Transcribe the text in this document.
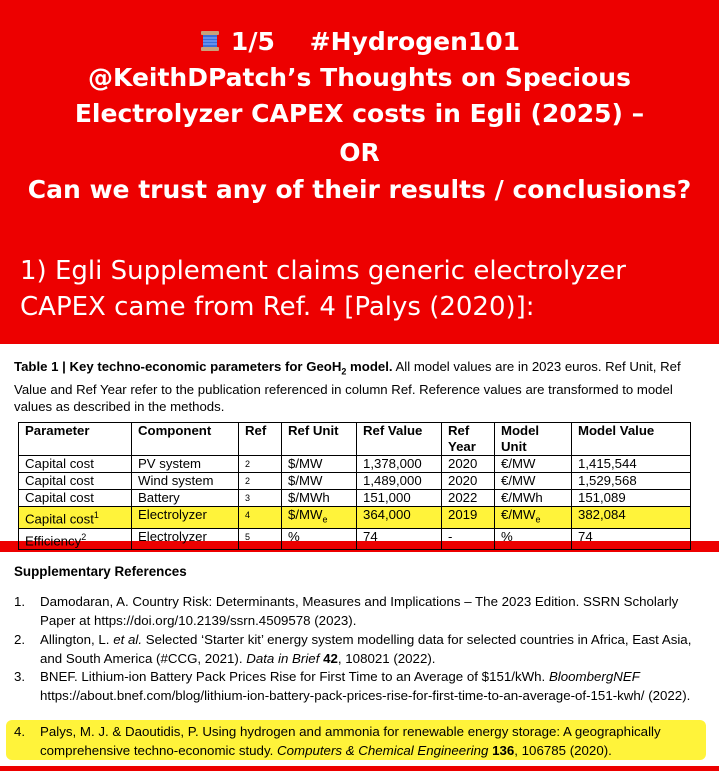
1/5    #Hydrogen101
@KeithDPatch’s Thoughts on Specious
Electrolyzer CAPEX costs in Egli (2025) –
OR
Can we trust any of their results / conclusions?
1) Egli Supplement claims generic electrolyzer
CAPEX came from Ref. 4 [Palys (2020)]:
Table 1 | Key techno-economic parameters for GeoH$_2$ model. All model values are in 2023 euros. Ref Unit, Ref Value and Ref Year refer to the publication referenced in column Ref. Reference values are transformed to model values as described in the methods.
Parameter	Component	Ref	Ref Unit	Ref Value	Ref Year	Model Unit	Model Value
Capital cost	PV system	2	$/MW	1,378,000	2020	€/MW	1,415,544
Capital cost	Wind system	2	$/MW	1,489,000	2020	€/MW	1,529,568
Capital cost	Battery	3	$/MWh	151,000	2022	€/MWh	151,089
Capital cost$^1$	Electrolyzer	4	$\$/MW_e$	364,000	2019	$€/MW_e$	382,084
Efficiency$^2$	Electrolyzer	5	%	74	-	%	74
Supplementary References
1. Damodaran, A. Country Risk: Determinants, Measures and Implications – The 2023 Edition. SSRN Scholarly Paper at https://doi.org/10.2139/ssrn.4509578 (2023).
2. Allington, L. et al. Selected ‘Starter kit’ energy system modelling data for selected countries in Africa, East Asia, and South America (#CCG, 2021). Data in Brief 42, 108021 (2022).
3. BNEF. Lithium-ion Battery Pack Prices Rise for First Time to an Average of $151/kWh. BloombergNEF https://about.bnef.com/blog/lithium-ion-battery-pack-prices-rise-for-first-time-to-an-average-of-151-kwh/ (2022).
4. Palys, M. J. & Daoutidis, P. Using hydrogen and ammonia for renewable energy storage: A geographically comprehensive techno-economic study. Computers & Chemical Engineering 136, 106785 (2020).
